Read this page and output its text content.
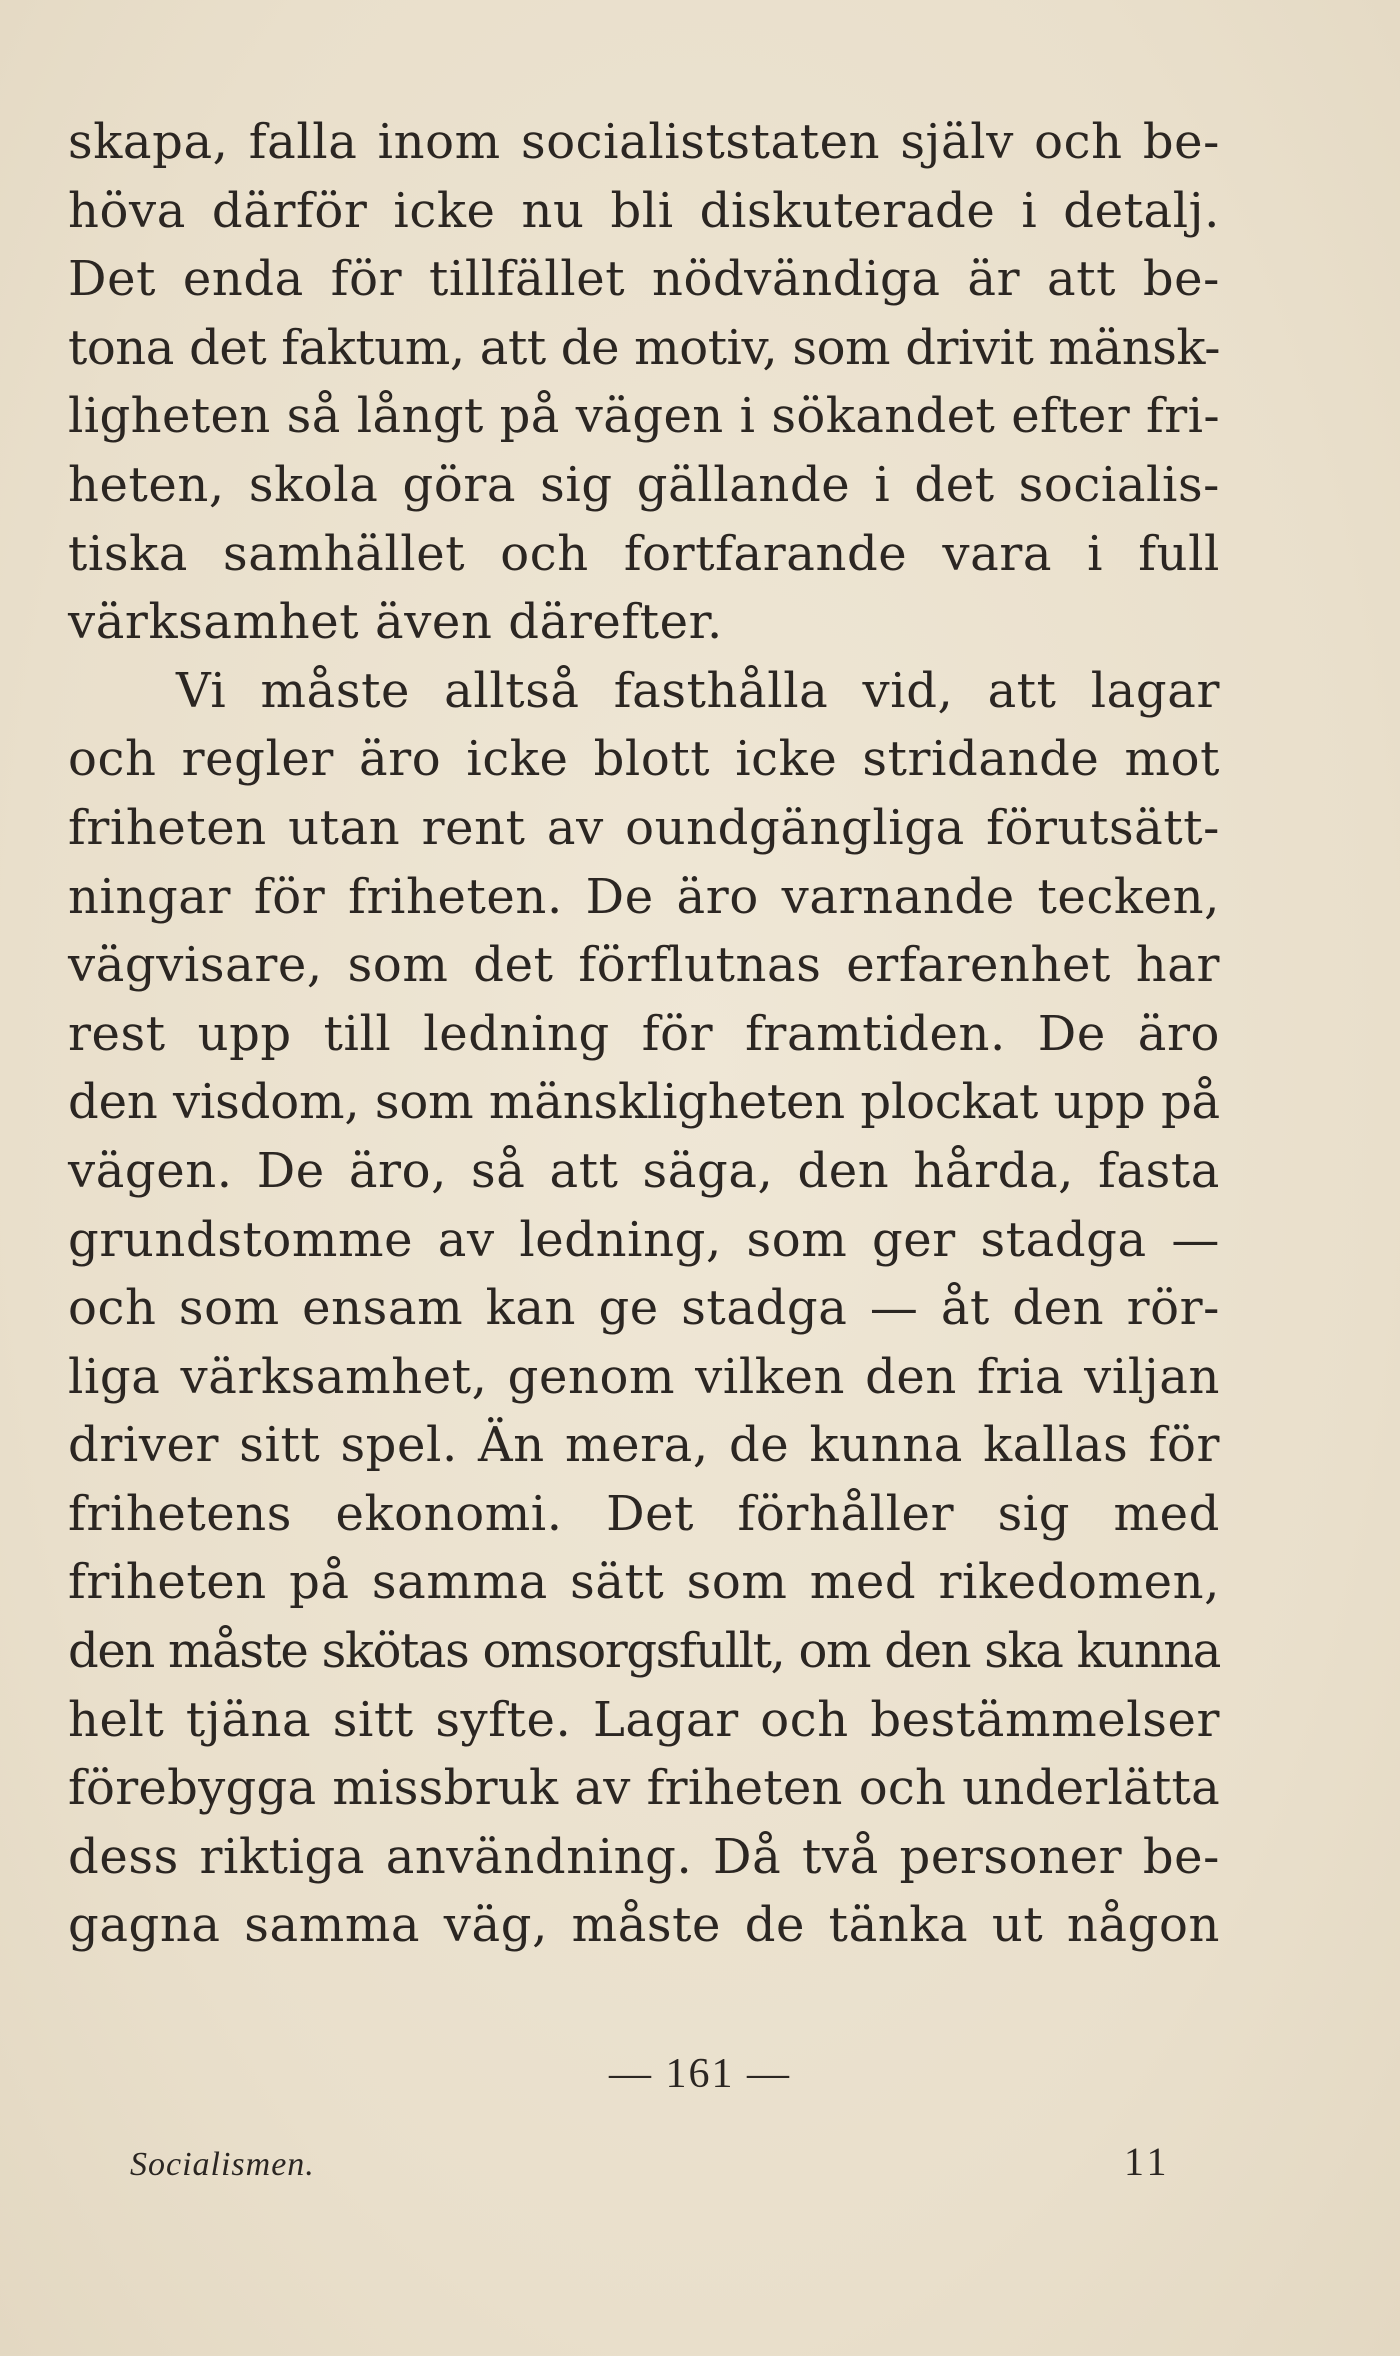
skapa, falla inom socialiststaten själv och be-
höva därför icke nu bli diskuterade i detalj.
Det enda för tillfället nödvändiga är att be-
tona det faktum, att de motiv, som drivit mänsk-
ligheten så långt på vägen i sökandet efter fri-
heten, skola göra sig gällande i det socialis-
tiska samhället och fortfarande vara i full
värksamhet även därefter.
Vi måste alltså fasthålla vid, att lagar
och regler äro icke blott icke stridande mot
friheten utan rent av oundgängliga förutsätt-
ningar för friheten. De äro varnande tecken,
vägvisare, som det förflutnas erfarenhet har
rest upp till ledning för framtiden. De äro
den visdom, som mänskligheten plockat upp på
vägen. De äro, så att säga, den hårda, fasta
grundstomme av ledning, som ger stadga —
och som ensam kan ge stadga — åt den rör-
liga värksamhet, genom vilken den fria viljan
driver sitt spel. Än mera, de kunna kallas för
frihetens ekonomi. Det förhåller sig med
friheten på samma sätt som med rikedomen,
den måste skötas omsorgsfullt, om den ska kunna
helt tjäna sitt syfte. Lagar och bestämmelser
förebygga missbruk av friheten och underlätta
dess riktiga användning. Då två personer be-
gagna samma väg, måste de tänka ut någon
— 161 —
Socialismen.	11
